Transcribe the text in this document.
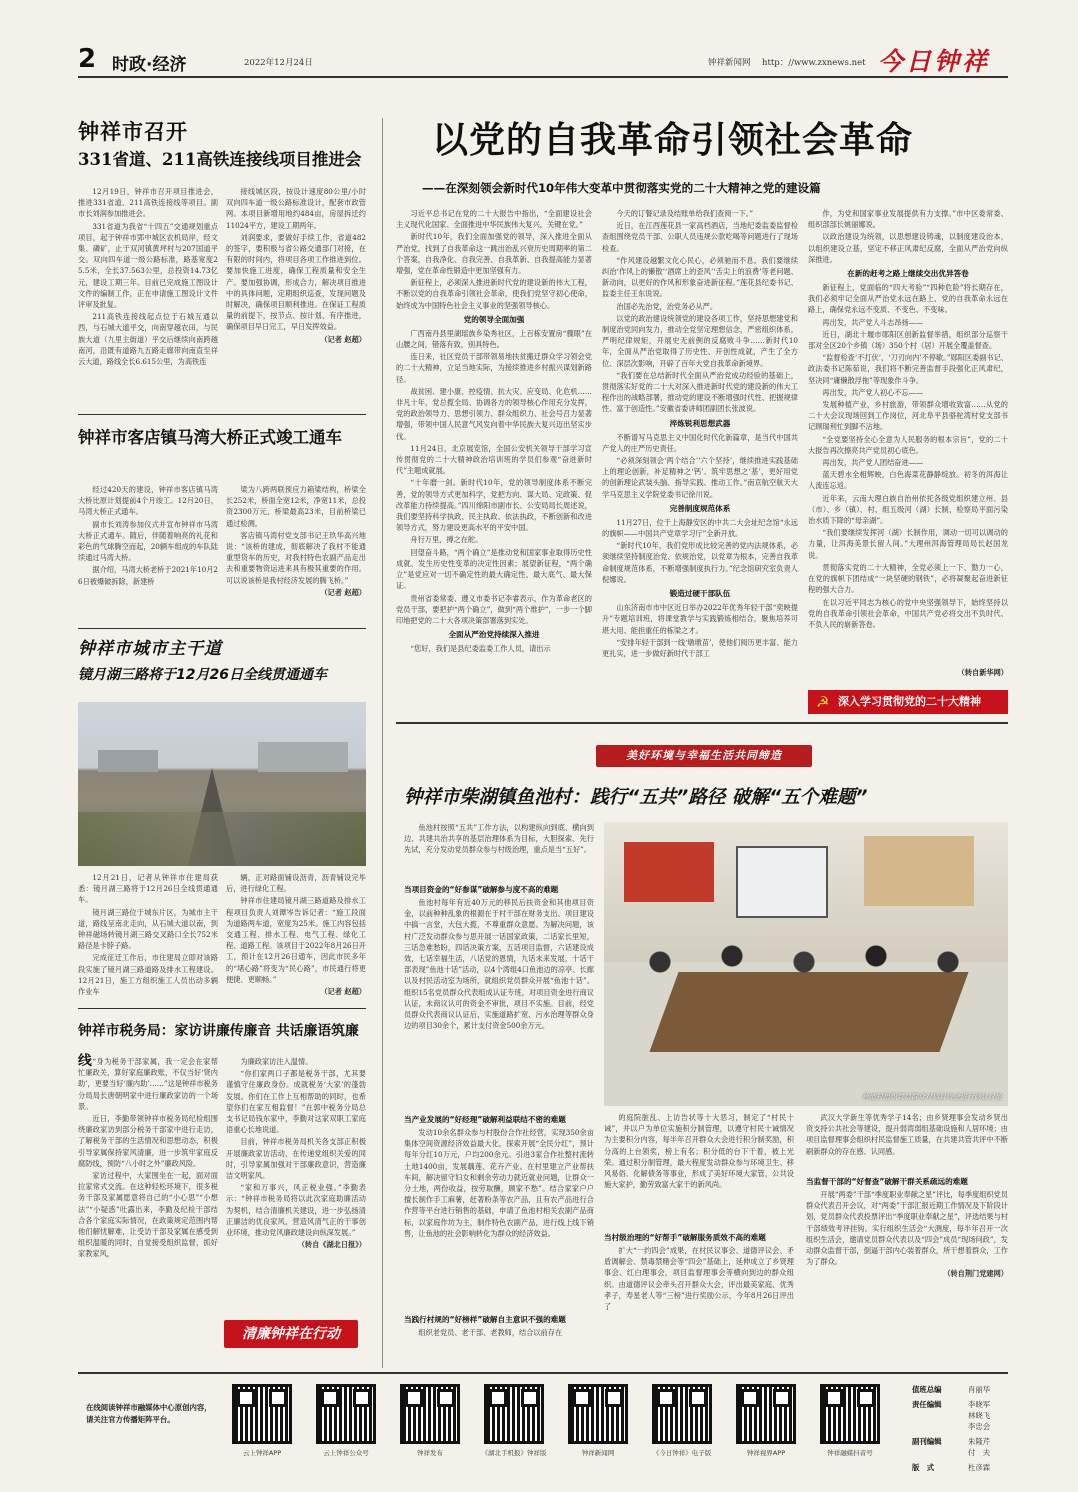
2 时政·经济	2022年12月24日	钟祥新闻网 http：//www.zxnews.net 今日钟祥
钟祥市召开
331省道、211高铁连接线项目推进会

12月19日，钟祥市召开项目推进会，推进331省道、211高铁连接线等项目。副市长刘润参加推进会。

331省道为我省“十四五”交通规划重点项目，起于钟祥市郢中城区农机局岸，经文集、磷矿，止于双河镇黄坪村与207国道平交。双向四车道一级公路标准，路基宽度25.5米，全长37.563公里，总投资14.73亿元，建设工期三年。目前已完成施工图设计文件的编制工作，正在申请施工图设计文件评审及批复。

211高铁连接线起点位于石城互通以西，与石城大道平交，向南穿越农田，与民族大道（九里主街道）平交后继续向南跨越南河，沿既有道路九五路走廊带向南直至祥云大道，路线全长6.615公里，为高铁连

接线城区段，按设计速度80公里/小时双向四车道一级公路标准设计，配套市政管网。本项目新增用地约484亩，房屋拆迁约11024平方，建设工期两年。

刘润要求，要做好手续工作，省道482的签字，要积极与省公路交通部门对接，在有限的时间内，将项目各项工作推进到位。要加快施工进度，确保工程质量和安全生产。要加强协调，形成合力，解决项目推进中的具体问题，定期组织巡查，发现问题及时解决，确保项目顺利推进。在保证工程质量的前提下，按节点、按计划、有序推进，确保项目早日完工，早日发挥效益。

（记者 赵超）
钟祥市客店镇马湾大桥正式竣工通车

经过420天的建设，钟祥市客店镇马湾大桥比原计划提前4个月竣工。12月20日，马湾大桥正式通车。

副市长刘涛参加仪式并宣布钟祥市马湾大桥正式通车。随后，伴随着响亮的礼花和彩色的气球腾空而起，20辆车组成的车队陆续通过马湾大桥。

据介绍，马湾大桥老桥于2021年10月26日被爆破拆除，新建桥

梁为八跨两联预应力箱梁结构，桥梁全长252米，桥面全宽12米，净宽11米，总投资2300万元，桥梁最高23米，目前桥梁已通过检测。

客店镇马湾村党支部书记王玖华高兴地说：“该桥的建成，彻底解决了我村不能通重型货车的历史，对我村特色农副产品走出去和重要物资运进来具有极其重要的作用。可以说该桥是我村经济发展的腾飞桥。”

（记者 赵超）
钟祥市城市主干道
镜月湖三路将于12月26日全线贯通通车

12月21日，记者从钟祥市住建局获悉：镜月湖三路将于12月26日全线贯通通车。

镜月湖三路位于城东片区，为城市主干道，路线呈南北走向，从石城大道以南，到钟祥磁场转镜月湖三路交叉路口全长752米路径是卡脖子路。

完成征迁工作后，市住建局立即对该路段实施了镜月湖三路道路及排水工程建设。12月21日，施工方组织施工人员出动多辆作业车

辆，正对路面铺设沥青，沥青铺设完毕后，进行绿化工程。

钟祥市住建局镜月湖三路道路及排水工程项目负责人刘谭岑告诉记者：“施工段面为道路两车道，宽度为25米。施工内容包括交通工程、排水工程、电气工程、绿化工程、道路工程。该项目于2022年8月26日开工，预计在12月26日通车，因此市民多年的“堵心路”将变为“民心路”，市民通行将更便捷、更顺畅。”

（记者 赵超）
钟祥市税务局：家访讲廉传廉音 共话廉语筑廉线 “身为税务干部家属，我一定会在家帮忙廉政关，算好家庭廉政账，不仅当好‘贤内助’，更要当好‘廉内助’……”这是钟祥市税务分局局长唐朝明家中进行廉政家访的一个场景。

近日，李勤带领钟祥市税务局纪检组围绕廉政家访到部分税务干部家中进行走访，了解税务干部的生活情况和思想动态，积极引导家属保持家风清廉，进一步筑牢家庭反腐防线，预防“八小时之外”廉政风险。

家访过程中，大家围坐在一起，面对面拉家常式交流。在这种轻松环境下，很多税务干部及家属愿意将自己的“小心思”“小想法”“小疑惑”吐露出来，李勤及纪检干部结合各个家庭实际情况，在政策规定范围内帮他们解忧解难，让受访干部及家属在感受到组织温暖的同时，自觉接受组织监督，抓好家教家风，

为廉政家访注入温情。

“你们家两口子都是税务干部，尤其要谨慎守住廉政身份。成就税务‘大家’的蓬勃发展。你们在工作上互相帮助的同时，也希望你们在家互相监督！”在郭中税务分局总支书记局钱东家中，李勤对这家双职工家庭语重心长地说道。

目前，钟祥市税务局机关各支部正积极开展廉政家访活动，在传递党组织关爱的同时，引导家属加强对干部廉政意识，营造廉洁文明家风。

“家和万事兴，风正税业强。”李勤表示：“钟祥市税务局将以此次家庭助廉活动为契机，结合清廉机关建设，进一步弘扬清正廉洁的优良家风，营造风清气正的干事创业环境，推动党风廉政建设向纵深发展。”

（转自《湖北日报》）
清廉钟祥在行动
以党的自我革命引领社会革命
——在深刻领会新时代10年伟大变革中贯彻落实党的二十大精神之党的建设篇

习近平总书记在党的二十大报告中指出，“全面建设社会主义现代化国家、全面推进中华民族伟大复兴，关键在党。”

新时代10年，我们全面加强党的领导，深入推进全面从严治党，找到了自我革命这一跳出治乱兴衰历史周期率的第二个答案，自我净化、自我完善、自我革新、自我提高能力显著增强，党在革命性锻造中更加坚强有力。

新征程上，必须深入推进新时代党的建设新的伟大工程，不断以党的自我革命引领社会革命，使我们党坚守初心使命，始终成为中国特色社会主义事业的坚强领导核心。

党的领导全面加强

广西南丹县里湖瑶族乡染秀社区，上百栋安置房“骤眼”在山腰之间，错落有致，别具特色。

连日来，社区党员干部带领易地扶贫搬迁群众学习领会党的二十大精神，立足当地实际，为接续推进乡村振兴谋划新路径。

战贫困、建小康、控疫情、抗大灾、应变局、化危机……非凡十年，党总揽全局、协调各方的领导核心作用充分发挥，党的政治领导力、思想引领力、群众组织力、社会号召力显著增强，带领中国人民意气风发向着中华民族大复兴迈出坚实步伐。

11月24日，北京展览馆，全国公安机关领导干部学习宣传贯彻党的二十大精神政治培训班的学员们参观“奋进新时代”主题成就展。

“十年磨一剑。新时代10年，党的领导制度体系不断完善，党的领导方式更加科学，党把方向、谋大局、定政策、促改革能力持续提高。”四川绵阳市副市长、公安局局长周述说，我们要坚持科学执政、民主执政、依法执政，不断创新和改进领导方式，努力建设更高水平的平安中国。

舟行万里，搏之在舵。

回望奋斗路，“两个确立”是推动党和国家事业取得历史性成就、发生历史性变革的决定性因素；展望新征程，“两个确立”是党应对一切不确定性的最大确定性、最大底气、最大保证。

贵州省委常委、遵义市委书记李睿表示，作为革命老区的党员干部，要把护“两个确立”，做到“两个维护”，一步一个脚印地把党的二十大各项决策部署落到实处。

全面从严治党持续深入推进

“您好，我们是县纪委监委工作人员，请出示

今天的订餐记录及结账单给我们查阅一下。”

近日，在江西莲花县一家高档酒店，当地纪委监委监督检查组围绕党员干部、公职人员违规公款吃喝等问题进行了现场检查。

“作风建设越繁文化心民心，必须驰而不息。我们要继续纠治‘作风上的懒散’‘酒席上的歪风’‘舌尖上的浪费’等老问题、新动向，以更好的作风和形象奋进新征程。”莲花县纪委书记、监委主任王东说说。

治国必先治党，治党务必从严。

以党的政治建设统领党的建设各项工作，坚持思想建党和制度治党同向发力，推动全党坚定理想信念，严密组织体系，严明纪律规矩，开展史无前例的反腐败斗争……新时代10年，全面从严治党取得了历史性、开创性成就，产生了全方位、深层次影响，开辟了百年大党自我革命新境界。

“我们要在总结新时代全面从严治党成功经验的基础上，贯彻落实好党的二十大对深入推进新时代党的建设新的伟大工程作出的战略部署，推动党的建设不断增强时代性、把握规律性、富于创造性。”安徽省委讲师团副团长张波说。

淬炼锐利思想武器

不断谱写马克思主义中国化时代化新篇章，是当代中国共产党人的庄严历史责任。

“必须深刻领会‘两个结合’‘六个坚持’，继续推进实践基础上的理论创新，补足精神之‘钙’、筑牢思想之‘基’，更好用党的创新理论武装头脑、指导实践、推动工作。”南京航空航天大学马克思主义学院党委书记徐川说。

完善制度规范体系

11月27日，位于上海静安区的中共二大会址纪念馆“永远的旗帜——中国共产党章学习厅”全新开放。

“新时代10年，我们党形成比较完善的党内法规体系，必须继续坚持制度治党、依规治党，以党章为根本，完善自我革命制度规范体系，不断增强制度执行力。”纪念馆研究室负责人倪娜说。

锻造过硬干部队伍

山东济南市市中区近日举办2022年优秀年轻干部“奕映提升”专题培训班，将课堂教学与实践锻炼相结合，聚焦培养可堪大用、能担重任的栋梁之才。

“安排年轻干部到一线‘墩墩苗’，使他们阅历更丰富、能力更扎实，进一步做好新时代干部工

作，为党和国家事业发展提供有力支撑。”市中区委常委、组织部部长姚丽娜说。

以政治建设为统领，以思想建设铸魂，以制度建设治本，以组织建设立基，坚定不移正风肃纪反腐，全面从严治党向纵深推进。

在新的赶考之路上继续交出优异答卷

新征程上，党面临的“四大考验”“四种危险”将长期存在，我们必须牢记全面从严治党永远在路上、党的自我革命永远在路上，确保党永远不变质、不变色、不变味。

再出发，共产党人斗志昂扬——

近日，湖北十堰市郧阳区创新监督举措，组织部分巡察干部对全区20个乡镇（场）350个村（居）开展全覆盖督查。

“监督检查‘不打伏’，‘刀刃向内’不停歇。”郧阳区委副书记、政法委书记陈茹说，我们将不断完善监督手段强化正风肃纪，坚决同“庸懒散浮拖”等现象作斗争。

再出发，共产党人初心不忘——

发展种植产业，乡村旅游，带领群众增收致富……从党的二十大会议现场回到工作岗位，河北阜平县骆驼湾村党支部书记顾瑞利忙到脚不沾地。

“全党要坚持全心全意为人民服务的根本宗旨”，党的二十大报告再次擦亮共产党员初心底色。

再出发，共产党人团结奋进——

蓝天碧水全相辉映，白色海菜花静静绽放。初冬的洱海让人流连忘返。

近年来，云南大理白族自治州依托各级党组织建立州、县（市）、乡（镇）、村、组五级河（湖）长制，检察局平面污染治水质下降的“母亲湖”。

“我们要继续发挥河（湖）长制作用，调动一切可以调动的力量，让洱海美景长留人间。”大理州洱海管理局局长赵国龙说。

贯彻落实党的二十大精神，全党必须上一下、勠力一心，在党的旗帜下团结成“一块坚硬的钢铁”，必将凝聚起奋进新征程的强大合力。

在以习近平同志为核心的党中央坚强领导下，始终坚持以党的自我革命引领社会革命，中国共产党必将交出不负时代、不负人民的崭新答卷。

（转自新华网）
☭ 深入学习贯彻党的二十大精神
美好环境与幸福生活共同缔造
钟祥市柴湖镇鱼池村：践行“五共”路径 破解“五个难题”

鱼池村按照“五共”工作方法，以构建纵向到底、横向到边、共建共治共享的基层治理体系为目标，大胆探索、先行先试，充分发动党员群众参与村级治理，重点是当“五好”。

鱼池村组织党员群众对项目资金进行商议讨论
当项目资金的“好参谋”破解参与度不高的难题

鱼池村每年有近40万元的移民后扶资金和其他项目资金，以前种种乱象的根源在于村干部在财务支出、项目建设中搞一言堂，大包大揽，不尊重群众意愿。为解决问题，该村广泛发动群众参与思开展一话国家政策，二话家长里短，三话急难愁盼，四话决策方案，五话项目监督，六话建设成效，七话幸福生活，八话党的恩情，九话未来发展，十话干部表现”鱼池十话”活动，以4个湾组4口鱼池边的凉亭、长廊以及村民活动室为场所，就组织党员群众开展“鱼池十话”。组织15名党员群众代表组成认证专班，对项目资金进行商议认证，未商议认可的资金不审批，项目不实施。目前，经党员群众代表商议认证后，实施道路扩宽、污水治理等群众身边的项目30余个，累计支付资金500余万元。

当产业发展的“好经理”破解利益联结不密的难题

发动10余名群众参与村股份合作社经营，实现350余亩集体空间资源经济效益最大化，探索开展“全民分红”，预计每年分红10万元，户均200余元。引进3家合作社整村流转土地1400亩，发展藕莲、花卉产业。在村里建立产业帮扶车间，解决留守妇女和剩余劳动力就近就业问题，让群众一分土地，两份收益，按劳取酬，顾家不愁”。结合家家户户擅长制作手工麻薯，赶著粉条等农产品，且有农产品进行合作营等平台进行销售的基础，申请了鱼池村相关农副产品商标，以家庭作坊为主，制作特色农副产品，进行线上线下销售，让鱼池的社会影响转化为群众的经济效益。

当践行村规的“好榜样”破解自主意识不强的难题

组织老党员、老干部、老教师，结合以前存在

的庭院脏乱、上访告状等十大恶习，制定了“村民十诫”，并以户为单位实施积分制管理，以遵守村民十诫情况为主要积分内容，每半年召开群众大会进行积分制奖励，积分高的上台领奖，榜上有名；积分低的台下干着，被上光荣。通过积分制管理，最大程度发动群众参与环境卫生、移风易俗、化解债务等事业，形成了美好环境大家管，公共设施大家护，勤劳致富大家干的新风尚。

当村级治理的“好帮手”破解服务质效不高的难题

扩大“一约四会”成果，在村民议事会、道德评议会、矛盾调解会、禁毒禁赌会等“四会”基础上，延伸成立了乡贤理事会、红白理事会，项目监督理事会等横向到边的群众组织。由道德评议会牵头召开群众大会，评出最美家庭、优秀孝子，寿星老人等“三榜”进行奖励公示，今年8月26日评出了

武汉大学新生等优秀学子14名；由乡贤理事会发动乡贤出资支持公共社会等建设，提升弱湾弱组基础设施和人居环境；由项目监督理事会组织村民监督施工质量，在共建共管共评中不断刷新群众的存在感、认同感。

当监督干部的“好督查”破解干群关系疏远的难题

开展“两委”干部“季度职业奉献之星”评比，每季度组织党员群众代表召开会议，对“两委”干部汇报近期工作情况及下阶段计划，党员群众代表投票评出“季度职业奉献之星”，评选结果与村干部绩效考评挂钩。实行组织生活会“大测度，每半年召开一次组织生活会，邀请党员群众代表以及“四会”成员“现场问政”，发动群众监督干部，倒逼干部内心装着群众，所干想着群众，工作为了群众。

（转自荆门党建网）
在线阅读钟祥市融媒体中心原创内容，请关注官方传播矩阵平台。
云上钟祥APP	云上钟祥公众号	钟祥发布	《湖北手机报》钟祥版	钟祥新闻网	《今日钟祥》电子版	钟祥视界APP	钟祥融媒抖音号
值班总编	肖丽华
责任编辑	李晓军
林晓飞
李忠会
副刊编辑	朱隆芹
付　夫
版　式	杜彦霖
